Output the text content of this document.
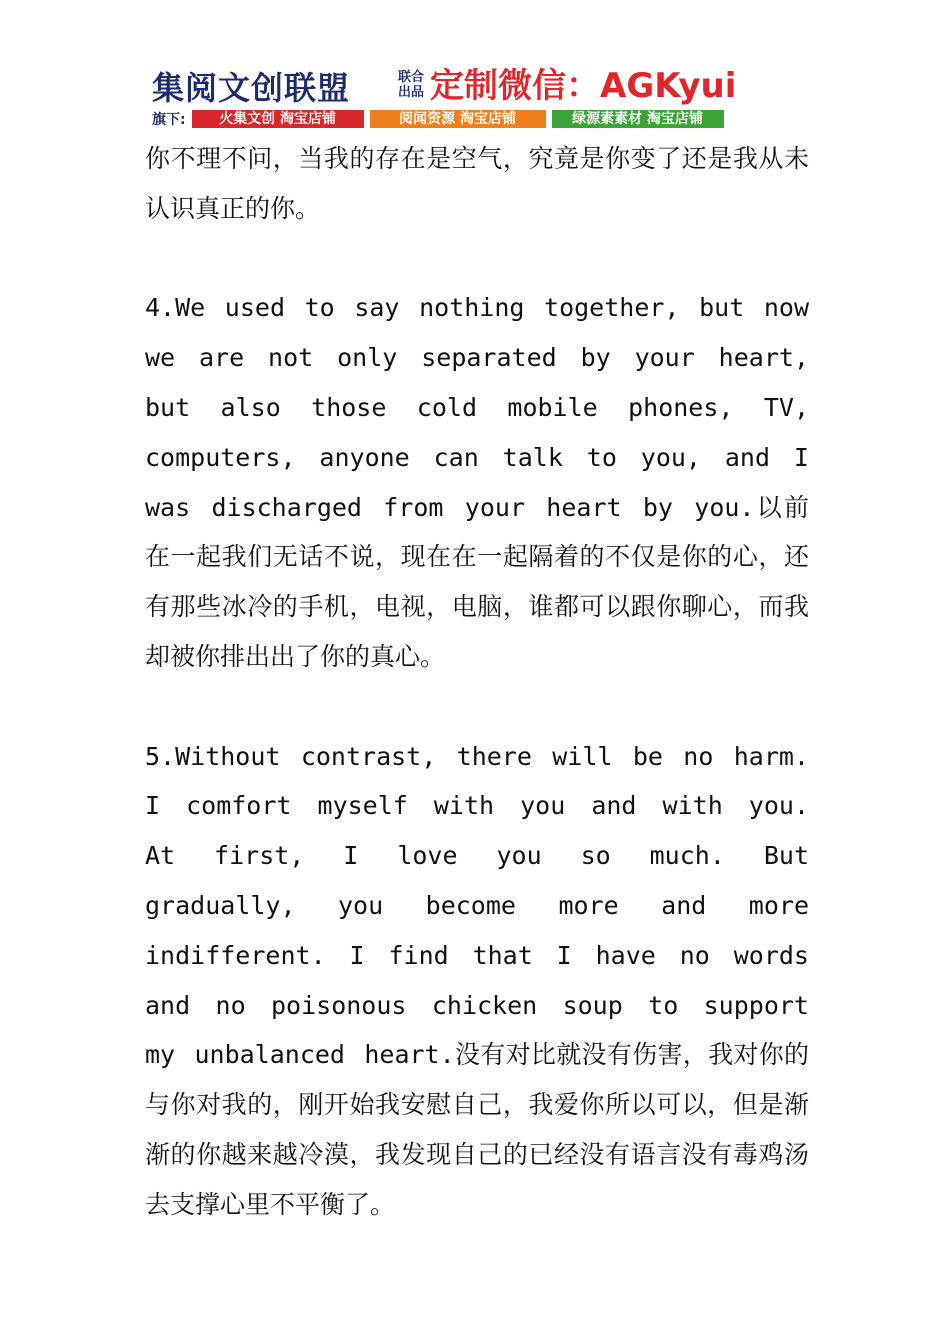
集阅文创联盟	联合出品 定制微信：AGKyui
旗下:	火集文创 淘宝店铺	阅闻资源 淘宝店铺	绿源素素材 淘宝店铺

你不理不问，当我的存在是空气，究竟是你变了还是我从未认识真正的你。

4.We used to say nothing together, but now we are not only separated by your heart, but also those cold mobile phones, TV, computers, anyone can talk to you, and I was discharged from your heart by you.以前在一起我们无话不说，现在在一起隔着的不仅是你的心，还有那些冰冷的手机，电视，电脑，谁都可以跟你聊心，而我却被你排出出了你的真心。

5.Without contrast, there will be no harm. I comfort myself with you and with you. At first, I love you so much. But gradually, you become more and more indifferent. I find that I have no words and no poisonous chicken soup to support my unbalanced heart.没有对比就没有伤害，我对你的与你对我的，刚开始我安慰自己，我爱你所以可以，但是渐渐的你越来越冷漠，我发现自己的已经没有语言没有毒鸡汤去支撑心里不平衡了。
